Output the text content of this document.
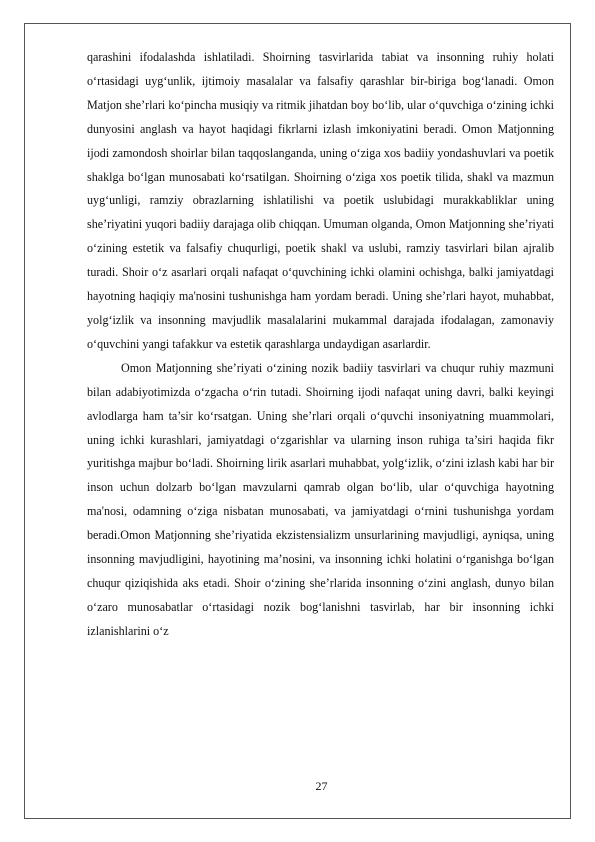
qarashini ifodalashda ishlatiladi. Shoirning tasvirlarida tabiat va insonning ruhiy holati o‘rtasidagi uyg‘unlik, ijtimoiy masalalar va falsafiy qarashlar bir-biriga bog‘lanadi. Omon Matjon she’rlari ko‘pincha musiqiy va ritmik jihatdan boy bo‘lib, ular o‘quvchiga o‘zining ichki dunyosini anglash va hayot haqidagi fikrlarni izlash imkoniyatini beradi. Omon Matjonning ijodi zamondosh shoirlar bilan taqqoslanganda, uning o‘ziga xos badiiy yondashuvlari va poetik shaklga bo‘lgan munosabati ko‘rsatilgan. Shoirning o‘ziga xos poetik tilida, shakl va mazmun uyg‘unligi, ramziy obrazlarning ishlatilishi va poetik uslubidagi murakkabliklar uning she’riyatini yuqori badiiy darajaga olib chiqqan. Umuman olganda, Omon Matjonning she’riyati o‘zining estetik va falsafiy chuqurligi, poetik shakl va uslubi, ramziy tasvirlari bilan ajralib turadi. Shoir o‘z asarlari orqali nafaqat o‘quvchining ichki olamini ochishga, balki jamiyatdagi hayotning haqiqiy ma'nosini tushunishga ham yordam beradi. Uning she’rlari hayot, muhabbat, yolg‘izlik va insonning mavjudlik masalalarini mukammal darajada ifodalagan, zamonaviy o‘quvchini yangi tafakkur va estetik qarashlarga undaydigan asarlardir.

Omon Matjonning she’riyati o‘zining nozik badiiy tasvirlari va chuqur ruhiy mazmuni bilan adabiyotimizda o‘zgacha o‘rin tutadi. Shoirning ijodi nafaqat uning davri, balki keyingi avlodlarga ham ta’sir ko‘rsatgan. Uning she’rlari orqali o‘quvchi insoniyatning muammolari, uning ichki kurashlari, jamiyatdagi o‘zgarishlar va ularning inson ruhiga ta’siri haqida fikr yuritishga majbur bo‘ladi. Shoirning lirik asarlari muhabbat, yolg‘izlik, o‘zini izlash kabi har bir inson uchun dolzarb bo‘lgan mavzularni qamrab olgan bo‘lib, ular o‘quvchiga hayotning ma'nosi, odamning o‘ziga nisbatan munosabati, va jamiyatdagi o‘rnini tushunishga yordam beradi.Omon Matjonning she’riyatida ekzistensializm unsurlarining mavjudligi, ayniqsa, uning insonning mavjudligini, hayotining ma’nosini, va insonning ichki holatini o‘rganishga bo‘lgan chuqur qiziqishida aks etadi. Shoir o‘zining she’rlarida insonning o‘zini anglash, dunyo bilan o‘zaro munosabatlar o‘rtasidagi nozik bog‘lanishni tasvirlab, har bir insonning ichki izlanishlarini o‘z

27
